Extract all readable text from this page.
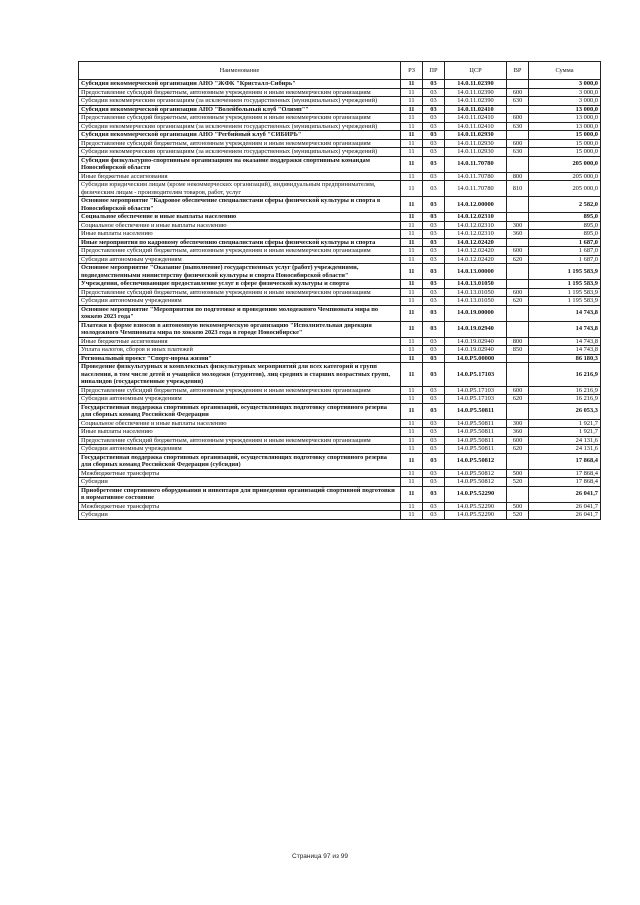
Наименование	РЗ	ПР	ЦСР	ВР	Сумма
Субсидия некоммерческой организации АНО "ЖФК "Кристалл-Сибирь"	11	03	14.0.11.02390		3 000,0
Предоставление субсидий бюджетным, автономным учреждениям и иным некоммерческим организациям	11	03	14.0.11.02390	600	3 000,0
Субсидии некоммерческим организациям (за исключением государственных (муниципальных) учреждений)	11	03	14.0.11.02390	630	3 000,0
Субсидия некоммерческой организации АНО "Волейбольный клуб "Олимп""	11	03	14.0.11.02410		13 000,0
Предоставление субсидий бюджетным, автономным учреждениям и иным некоммерческим организациям	11	03	14.0.11.02410	600	13 000,0
Субсидии некоммерческим организациям (за исключением государственных (муниципальных) учреждений)	11	03	14.0.11.02410	630	13 000,0
Субсидия некоммерческой организации АНО "Регбийный клуб "СИБИРЬ"	11	03	14.0.11.02930		15 000,0
Предоставление субсидий бюджетным, автономным учреждениям и иным некоммерческим организациям	11	03	14.0.11.02930	600	15 000,0
Субсидии некоммерческим организациям (за исключением государственных (муниципальных) учреждений)	11	03	14.0.11.02930	630	15 000,0
Субсидии физкультурно-спортивным организациям на оказание поддержки спортивным командам Новосибирской области	11	03	14.0.11.70780		205 000,0
Иные бюджетные ассигнования	11	03	14.0.11.70780	800	205 000,0
Субсидии юридическим лицам (кроме некоммерческих организаций), индивидуальным предпринимателям, физическим лицам - производителям товаров, работ, услуг	11	03	14.0.11.70780	810	205 000,0
Основное мероприятие "Кадровое обеспечение специалистами сферы физической культуры и спорта в Новосибирской области"	11	03	14.0.12.00000		2 582,0
Социальное обеспечение и иные выплаты населению	11	03	14.0.12.02310		895,0
Социальное обеспечение и иные выплаты населению	11	03	14.0.12.02310	300	895,0
Иные выплаты населению	11	03	14.0.12.02310	360	895,0
Иные мероприятия по кадровому обеспечению специалистами сферы физической культуры и спорта	11	03	14.0.12.02420		1 687,0
Предоставление субсидий бюджетным, автономным учреждениям и иным некоммерческим организациям	11	03	14.0.12.02420	600	1 687,0
Субсидии автономным учреждениям	11	03	14.0.12.02420	620	1 687,0
Основное мероприятие "Оказание (выполнение) государственных услуг (работ) учреждениями, подведомственными министерству физической культуры и спорта Новосибирской области"	11	03	14.0.13.00000		1 195 583,9
Учреждения, обеспечивающие предоставление услуг в сфере физической культуры и спорта	11	03	14.0.13.01050		1 195 583,9
Предоставление субсидий бюджетным, автономным учреждениям и иным некоммерческим организациям	11	03	14.0.13.01050	600	1 195 583,9
Субсидии автономным учреждениям	11	03	14.0.13.01050	620	1 195 583,9
Основное мероприятие "Мероприятия по подготовке и проведению молодежного Чемпионата мира по хоккею 2023 года"	11	03	14.0.19.00000		14 743,8
Платежи в форме взносов в автономную некоммерческую организацию "Исполнительная дирекция молодежного Чемпионата мира по хоккею 2023 года в городе Новосибирске"	11	03	14.0.19.02940		14 743,8
Иные бюджетные ассигнования	11	03	14.0.19.02940	800	14 743,8
Уплата налогов, сборов и иных платежей	11	03	14.0.19.02940	850	14 743,8
Региональный проект "Спорт-норма жизни"	11	03	14.0.P5.00000		86 180,3
Проведение физкультурных и комплексных физкультурных мероприятий для всех категорий и групп населения, в том числе детей и учащейся молодежи (студентов), лиц средних и старших возрастных групп, инвалидов (государственные учреждения)	11	03	14.0.P5.17103		16 216,9
Предоставление субсидий бюджетным, автономным учреждениям и иным некоммерческим организациям	11	03	14.0.P5.17103	600	16 216,9
Субсидии автономным учреждениям	11	03	14.0.P5.17103	620	16 216,9
Государственная поддержка спортивных организаций, осуществляющих подготовку спортивного резерва для сборных команд Российской Федерации	11	03	14.0.P5.50811		26 053,3
Социальное обеспечение и иные выплаты населению	11	03	14.0.P5.50811	300	1 921,7
Иные выплаты населению	11	03	14.0.P5.50811	360	1 921,7
Предоставление субсидий бюджетным, автономным учреждениям и иным некоммерческим организациям	11	03	14.0.P5.50811	600	24 131,6
Субсидии автономным учреждениям	11	03	14.0.P5.50811	620	24 131,6
Государственная поддержка спортивных организаций, осуществляющих подготовку спортивного резерва для сборных команд Российской Федерации (субсидия)	11	03	14.0.P5.50812		17 868,4
Межбюджетные трансферты	11	03	14.0.P5.50812	500	17 868,4
Субсидии	11	03	14.0.P5.50812	520	17 868,4
Приобретение спортивного оборудования и инвентаря для приведения организаций спортивной подготовки в нормативное состояние	11	03	14.0.P5.52290		26 041,7
Межбюджетные трансферты	11	03	14.0.P5.52290	500	26 041,7
Субсидии	11	03	14.0.P5.52290	520	26 041,7
Страница 97 из 99
